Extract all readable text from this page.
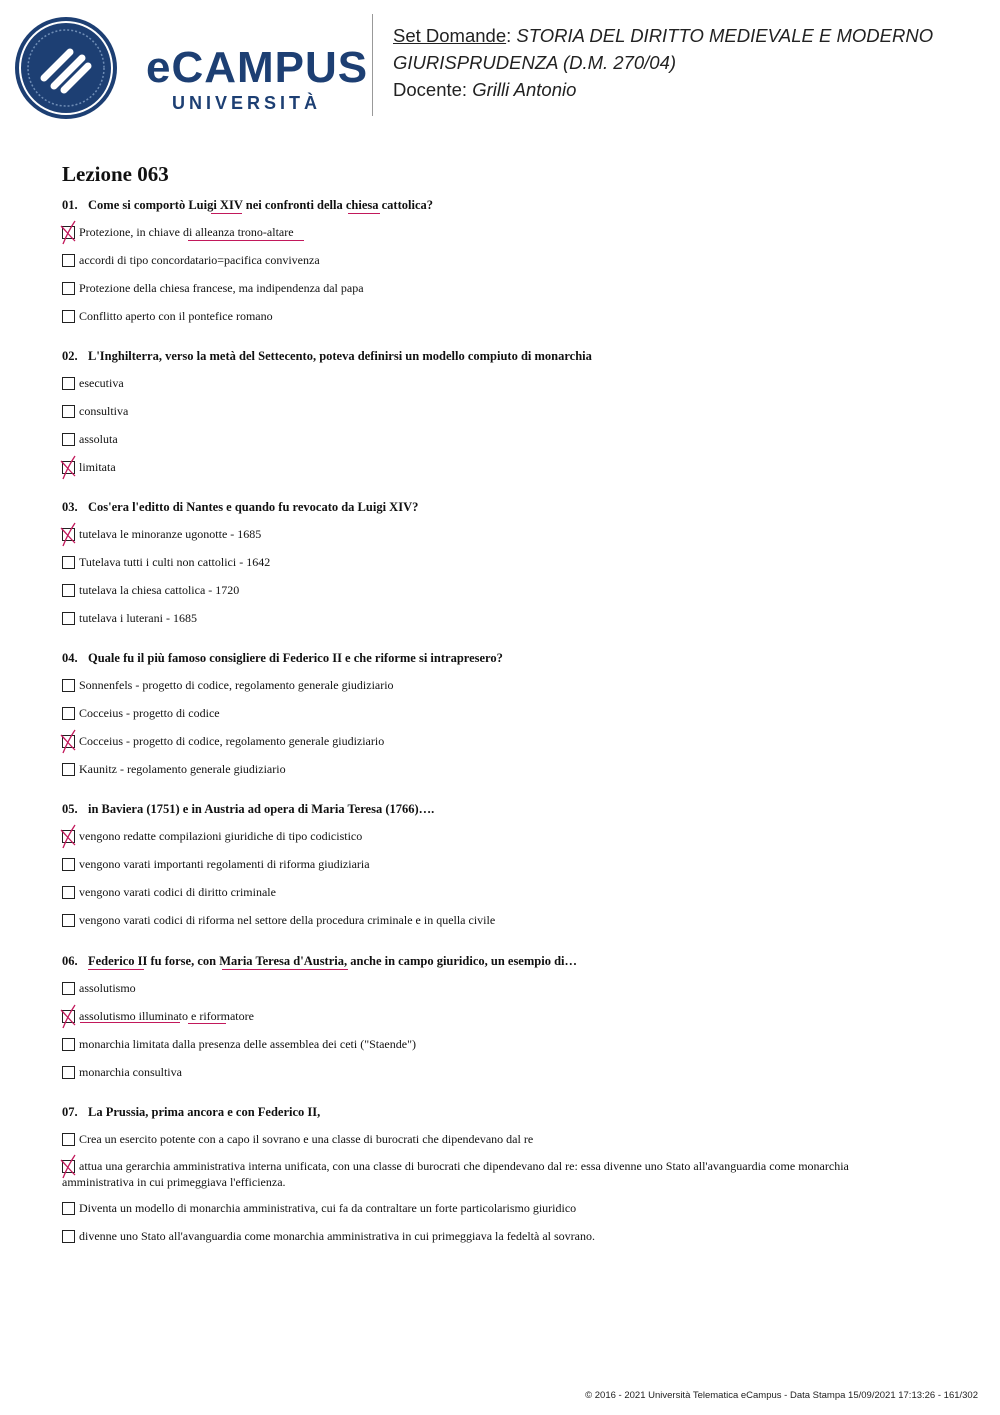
eCAMPUS
UNIVERSITÀ
Set Domande: STORIA DEL DIRITTO MEDIEVALE E MODERNO
GIURISPRUDENZA (D.M. 270/04)
Docente: Grilli Antonio
Lezione 063
01. Come si comportò Luigi XIV nei confronti della chiesa cattolica?
Protezione, in chiave di alleanza trono-altare
accordi di tipo concordatario=pacifica convivenza
Protezione della chiesa francese, ma indipendenza dal papa
Conflitto aperto con il pontefice romano
02. L'Inghilterra, verso la metà del Settecento, poteva definirsi un modello compiuto di monarchia
esecutiva
consultiva
assoluta
limitata
03. Cos'era l'editto di Nantes e quando fu revocato da Luigi XIV?
tutelava le minoranze ugonotte - 1685
Tutelava tutti i culti non cattolici - 1642
tutelava la chiesa cattolica - 1720
tutelava i luterani - 1685
04. Quale fu il più famoso consigliere di Federico II e che riforme si intrapresero?
Sonnenfels - progetto di codice, regolamento generale giudiziario
Cocceius - progetto di codice
Cocceius - progetto di codice, regolamento generale giudiziario
Kaunitz - regolamento generale giudiziario
05. in Baviera (1751) e in Austria ad opera di Maria Teresa (1766)….
vengono redatte compilazioni giuridiche di tipo codicistico
vengono varati importanti regolamenti di riforma giudiziaria
vengono varati codici di diritto criminale
vengono varati codici di riforma nel settore della procedura criminale e in quella civile
06. Federico II fu forse, con Maria Teresa d'Austria, anche in campo giuridico, un esempio di…
assolutismo
assolutismo illuminato e riformatore
monarchia limitata dalla presenza delle assemblea dei ceti ("Staende")
monarchia consultiva
07. La Prussia, prima ancora e con Federico II,
Crea un esercito potente con a capo il sovrano e una classe di burocrati che dipendevano dal re
attua una gerarchia amministrativa interna unificata, con una classe di burocrati che dipendevano dal re: essa divenne uno Stato all'avanguardia come monarchia amministrativa in cui primeggiava l'efficienza.
Diventa un modello di monarchia amministrativa, cui fa da contraltare un forte particolarismo giuridico
divenne uno Stato all'avanguardia come monarchia amministrativa in cui primeggiava la fedeltà al sovrano.
© 2016 - 2021 Università Telematica eCampus - Data Stampa 15/09/2021 17:13:26 - 161/302
